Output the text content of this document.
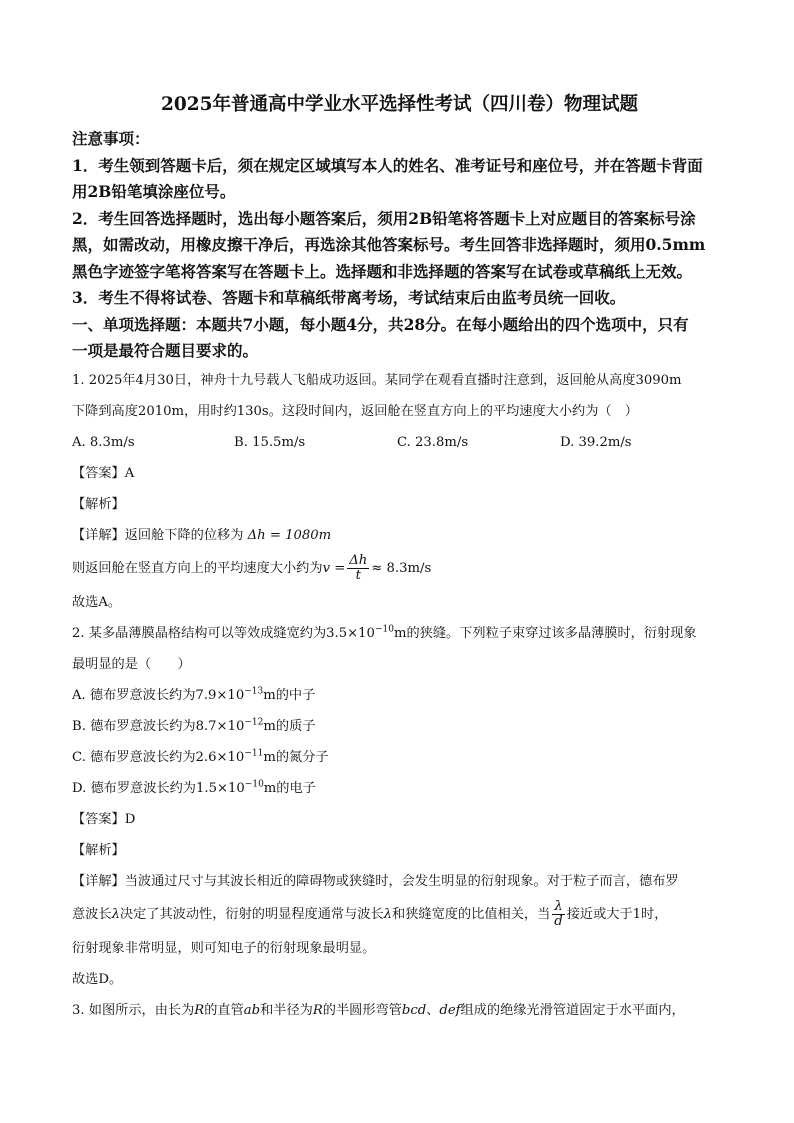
2025年普通高中学业水平选择性考试（四川卷）物理试题

注意事项：

1．考生领到答题卡后，须在规定区域填写本人的姓名、准考证号和座位号，并在答题卡背面

用2B铅笔填涂座位号。

2．考生回答选择题时，选出每小题答案后，须用2B铅笔将答题卡上对应题目的答案标号涂

黑，如需改动，用橡皮擦干净后，再选涂其他答案标号。考生回答非选择题时，须用0.5mm

黑色字迹签字笔将答案写在答题卡上。选择题和非选择题的答案写在试卷或草稿纸上无效。

3．考生不得将试卷、答题卡和草稿纸带离考场，考试结束后由监考员统一回收。

一、单项选择题：本题共7小题，每小题4分，共28分。在每小题给出的四个选项中，只有

一项是最符合题目要求的。

1. 2025年4月30日，神舟十九号载人飞船成功返回。某同学在观看直播时注意到，返回舱从高度3090m

下降到高度2010m，用时约130s。这段时间内，返回舱在竖直方向上的平均速度大小约为（　）

A. 8.3m/s	B. 15.5m/s	C. 23.8m/s	D. 39.2m/s

【答案】A

【解析】

【详解】返回舱下降的位移为 Δh = 1080m

则返回舱在竖直方向上的平均速度大小约为$v = \frac{\Delta h}{t} \approx 8.3m/s$

故选A。

2. 某多晶薄膜晶格结构可以等效成缝宽约为$3.5\times 10^{-10}m$的狭缝。下列粒子束穿过该多晶薄膜时，衍射现象

最明显的是（　　）

A. 德布罗意波长约为$7.9\times 10^{-13}m$的中子

B. 德布罗意波长约为$8.7\times 10^{-12}m$的质子

C. 德布罗意波长约为$2.6\times 10^{-11}m$的氮分子

D. 德布罗意波长约为$1.5\times 10^{-10}m$的电子

【答案】D

【解析】

【详解】当波通过尺寸与其波长相近的障碍物或狭缝时，会发生明显的衍射现象。对于粒子而言，德布罗

意波长λ决定了其波动性，衍射的明显程度通常与波长λ和狭缝宽度的比值相关，当 $\frac{\lambda}{d}$ 接近或大于1时，

衍射现象非常明显，则可知电子的衍射现象最明显。

故选D。

3. 如图所示，由长为R的直管ab和半径为R的半圆形弯管bcd、def组成的绝缘光滑管道固定于水平面内，
